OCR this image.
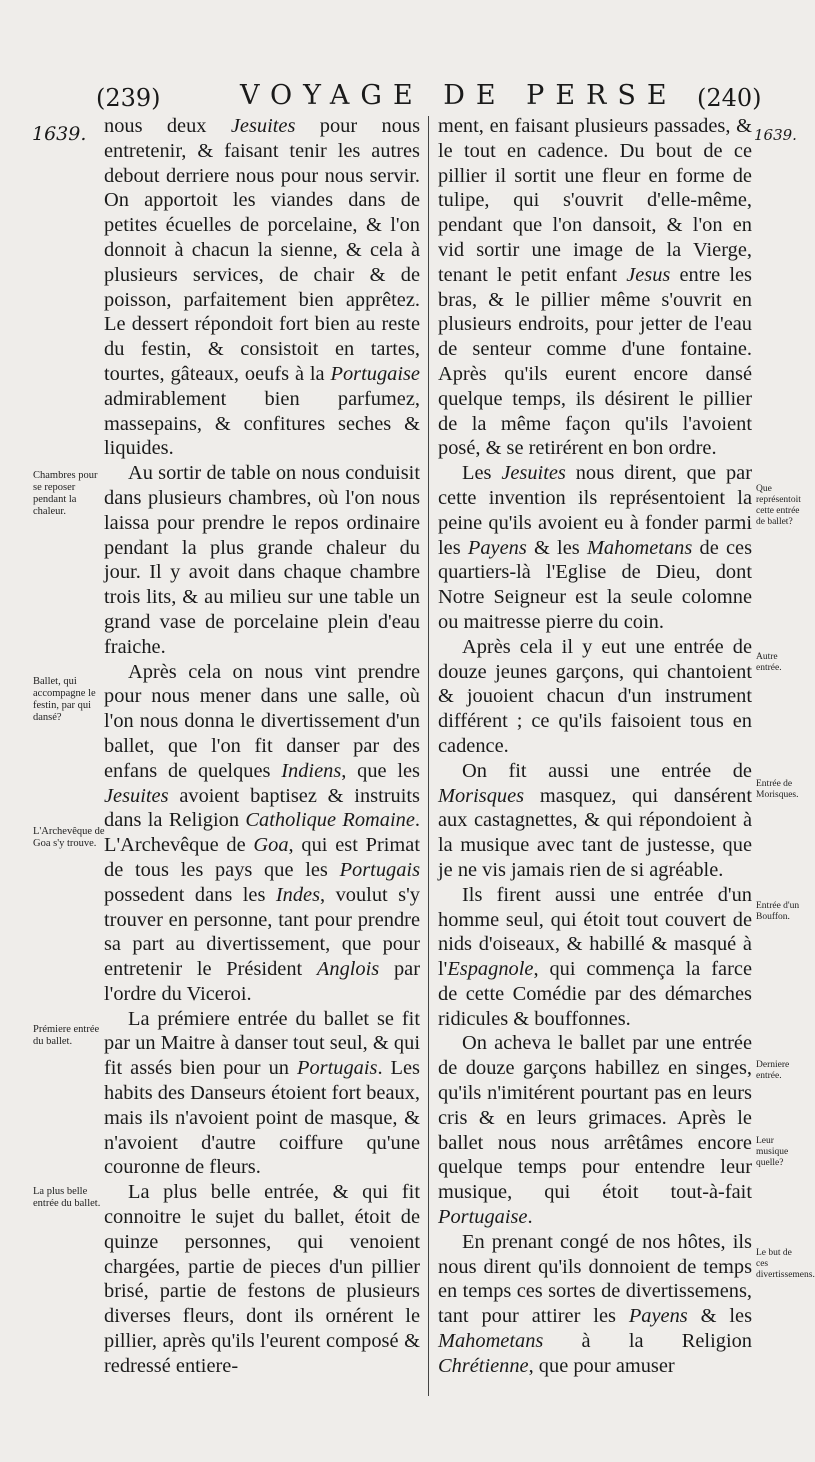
(239)	VOYAGE DE PERSE (240)
1639.	1639.

nous deux Jesuites pour nous entretenir, & faisant tenir les autres debout derriere nous pour nous servir. On apportoit les viandes dans de petites écuelles de porcelaine, & l'on donnoit à chacun la sienne, & cela à plusieurs services, de chair & de poisson, parfaitement bien apprêtez. Le dessert répondoit fort bien au reste du festin, & consistoit en tartes, tourtes, gâteaux, oeufs à la Portugaise admirablement bien parfumez, massepains, & confitures seches & liquides.

Au sortir de table on nous conduisit dans plusieurs chambres, où l'on nous laissa pour prendre le repos ordinaire pendant la plus grande chaleur du jour. Il y avoit dans chaque chambre trois lits, & au milieu sur une table un grand vase de porcelaine plein d'eau fraiche.

Après cela on nous vint prendre pour nous mener dans une salle, où l'on nous donna le divertissement d'un ballet, que l'on fit danser par des enfans de quelques Indiens, que les Jesuites avoient baptisez & instruits dans la Religion Catholique Romaine. L'Archevêque de Goa, qui est Primat de tous les pays que les Portugais possedent dans les Indes, voulut s'y trouver en personne, tant pour prendre sa part au divertissement, que pour entretenir le Président Anglois par l'ordre du Viceroi.

La prémiere entrée du ballet se fit par un Maitre à danser tout seul, & qui fit assés bien pour un Portugais. Les habits des Danseurs étoient fort beaux, mais ils n'avoient point de masque, & n'avoient d'autre coiffure qu'une couronne de fleurs.

La plus belle entrée, & qui fit connoitre le sujet du ballet, étoit de quinze personnes, qui venoient chargées, partie de pieces d'un pillier brisé, partie de festons de plusieurs diverses fleurs, dont ils ornérent le pillier, après qu'ils l'eurent composé & redressé entiere-

ment, en faisant plusieurs passades, & le tout en cadence. Du bout de ce pillier il sortit une fleur en forme de tulipe, qui s'ouvrit d'elle-même, pendant que l'on dansoit, & l'on en vid sortir une image de la Vierge, tenant le petit enfant Jesus entre les bras, & le pillier même s'ouvrit en plusieurs endroits, pour jetter de l'eau de senteur comme d'une fontaine. Après qu'ils eurent encore dansé quelque temps, ils désirent le pillier de la même façon qu'ils l'avoient posé, & se retirérent en bon ordre.

Les Jesuites nous dirent, que par cette invention ils représentoient la peine qu'ils avoient eu à fonder parmi les Payens & les Mahometans de ces quartiers-là l'Eglise de Dieu, dont Notre Seigneur est la seule colomne ou maitresse pierre du coin.

Après cela il y eut une entrée de douze jeunes garçons, qui chantoient & jouoient chacun d'un instrument différent ; ce qu'ils faisoient tous en cadence.

On fit aussi une entrée de Morisques masquez, qui dansérent aux castagnettes, & qui répondoient à la musique avec tant de justesse, que je ne vis jamais rien de si agréable.

Ils firent aussi une entrée d'un homme seul, qui étoit tout couvert de nids d'oiseaux, & habillé & masqué à l'Espagnole, qui commença la farce de cette Comédie par des démarches ridicules & bouffonnes.

On acheva le ballet par une entrée de douze garçons habillez en singes, qu'ils n'imitérent pourtant pas en leurs cris & en leurs grimaces. Après le ballet nous nous arrêtâmes encore quelque temps pour entendre leur musique, qui étoit tout-à-fait Portugaise.

En prenant congé de nos hôtes, ils nous dirent qu'ils donnoient de temps en temps ces sortes de divertissemens, tant pour attirer les Payens & les Mahometans à la Religion Chrétienne, que pour amuser

Chambres pour se reposer pendant la chaleur.
Ballet, qui accompagne le festin, par qui dansé?
L'Archevêque de Goa s'y trouve.
Prémiere entrée du ballet.
La plus belle entrée du ballet.
Que représentoit cette entrée de ballet?
Autre entrée.
Entrée de Morisques.
Entrée d'un Bouffon.
Derniere entrée.
Leur musique quelle?
Le but de ces divertissemens.
